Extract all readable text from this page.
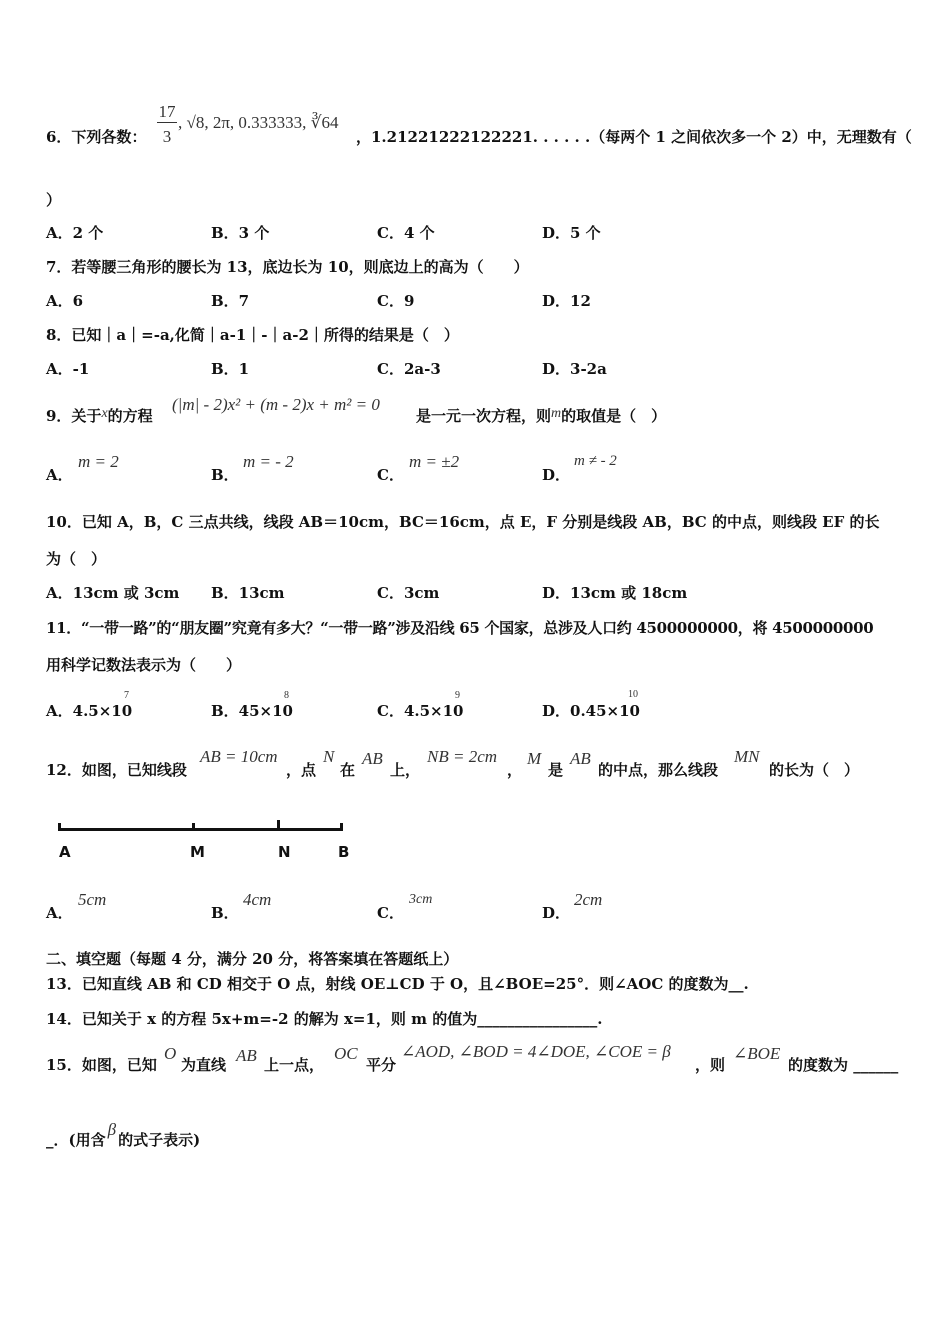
6．下列各数：
17
3
, √8, 2π, 0.333333, ∛64
，1.21221222122221. . . . . .（每两个 1 之间依次多一个 2）中，无理数有（
）
A．2 个	B．3 个	C．4 个	D．5 个
7．若等腰三角形的腰长为 13，底边长为 10，则底边上的高为（　　）
A．6	B．7	C．9	D．12
8．已知｜a｜=-a,化简｜a-1｜-｜a-2｜所得的结果是（　）
A．-1	B．1	C．2a-3	D．3-2a
9．关于x的方程
(|m| - 2)x² + (m - 2)x + m² = 0
是一元一次方程，则m的取值是（　）
A．
m = 2
B．
m = - 2
C．
m = ±2
D．
m ≠ - 2
10．已知 A，B，C 三点共线，线段 AB＝10cm，BC＝16cm，点 E，F 分别是线段 AB，BC 的中点，则线段 EF 的长
为（　）
A．13cm 或 3cm B．13cm	C．3cm	D．13cm 或 18cm
11．“一带一路”的“朋友圈”究竟有多大？“一带一路”涉及沿线 65 个国家，总涉及人口约 4500000000，将 4500000000
用科学记数法表示为（　　）
A．4.5×10
7
B．45×10
8
C．4.5×10
9
D．0.45×10
10
12．如图，已知线段
AB = 10cm
，点
N
在
AB
上，
NB = 2cm
，
M
是
AB
的中点，那么线段
MN
的长为（　）
A	M	N	B
A．
5cm
B．
4cm
C．
3cm
D．
2cm
二、填空题（每题 4 分，满分 20 分，将答案填在答题纸上）
13．已知直线 AB 和 CD 相交于 O 点，射线 OE⊥CD 于 O，且∠BOE=25°．则∠AOC 的度数为__.
14．已知关于 x 的方程 5x+m=-2 的解为 x=1，则 m 的值为________________.
15．如图，已知
O
为直线 AB 上一点，
OC
平分
∠AOD, ∠BOD = 4∠DOE, ∠COE = β
，则
∠BOE
的度数为 ______
_．(用含β的式子表示)
